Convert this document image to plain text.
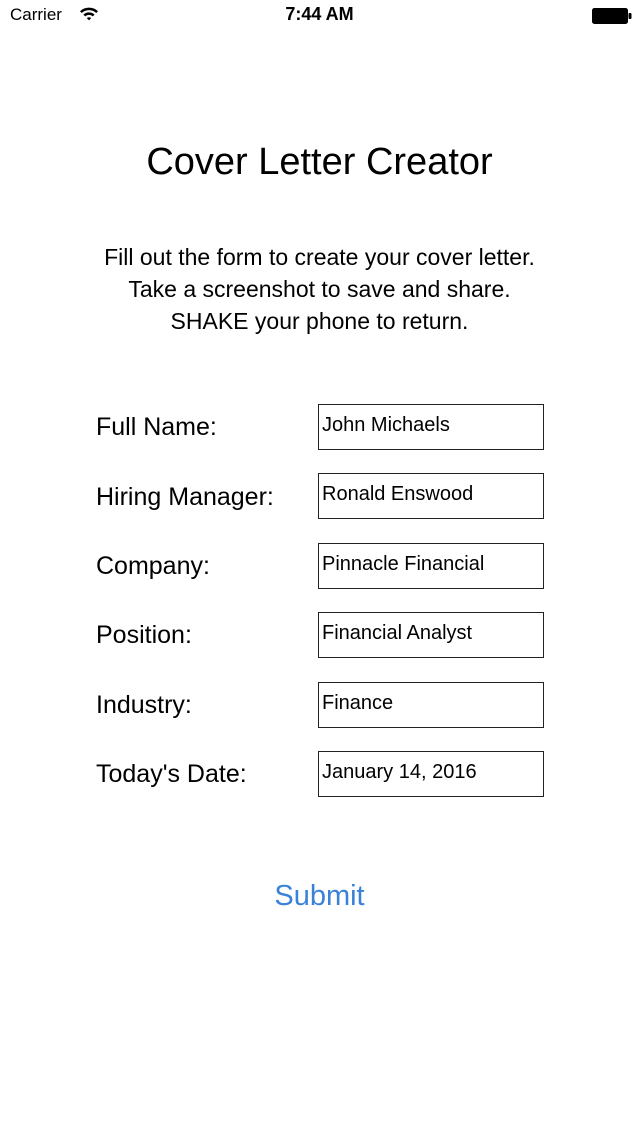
Carrier	7:44 AM
Cover Letter Creator
Fill out the form to create your cover letter.
Take a screenshot to save and share.
SHAKE your phone to return.
Full Name:
John Michaels
Hiring Manager:
Ronald Enswood
Company:
Pinnacle Financial
Position:
Financial Analyst
Industry:
Finance
Today's Date:
January 14, 2016
Submit
